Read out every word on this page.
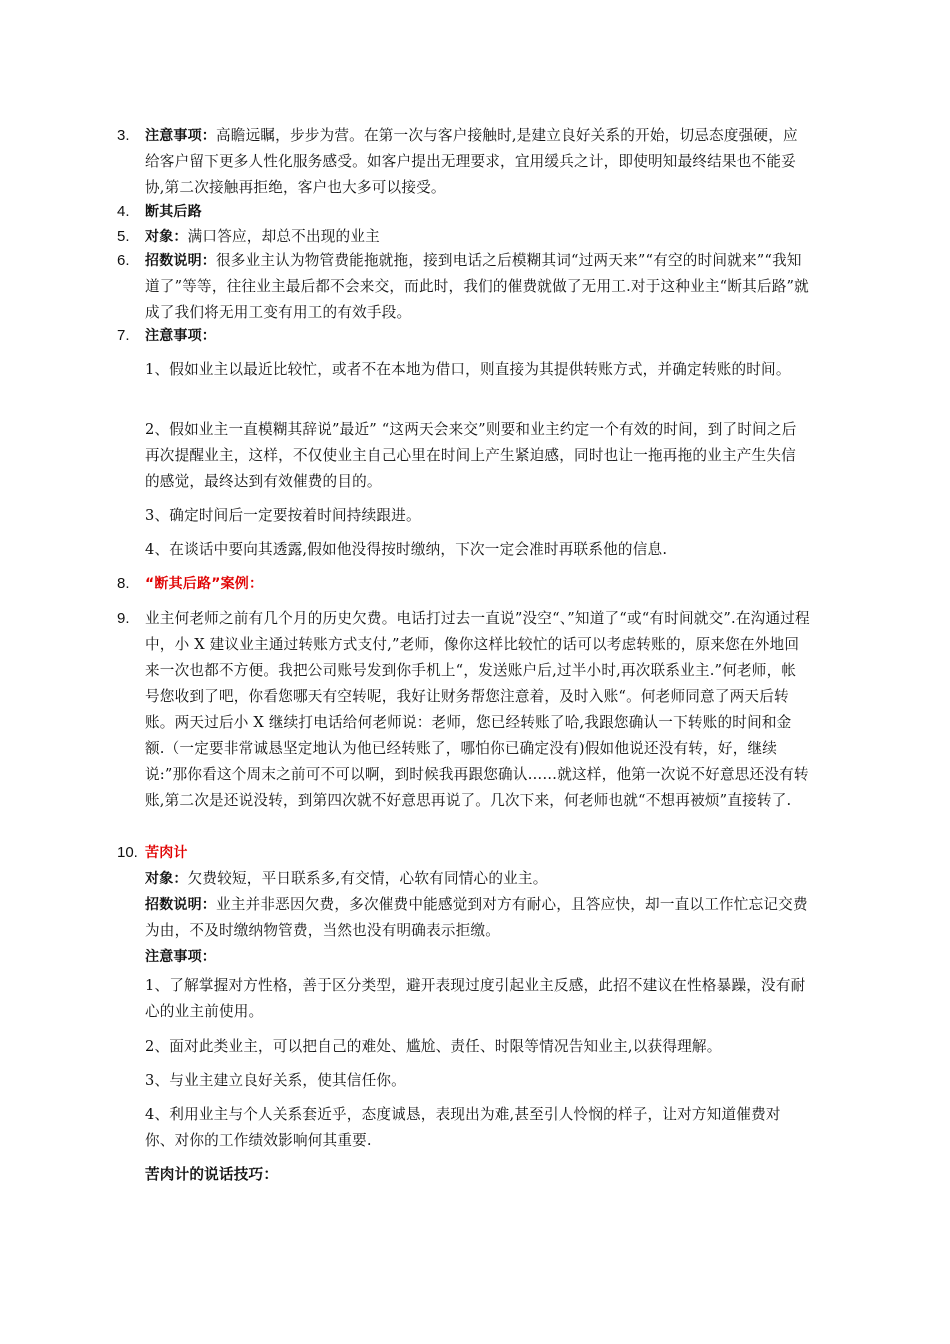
3. 注意事项：高瞻远瞩，步步为营。在第一次与客户接触时,是建立良好关系的开始，切忌态度强硬，应给客户留下更多人性化服务感受。如客户提出无理要求，宜用缓兵之计，即使明知最终结果也不能妥协,第二次接触再拒绝，客户也大多可以接受。
4. 断其后路
5. 对象：满口答应，却总不出现的业主
6. 招数说明：很多业主认为物管费能拖就拖，接到电话之后模糊其词“过两天来”“有空的时间就来”“我知道了”等等，往往业主最后都不会来交，而此时，我们的催费就做了无用工.对于这种业主“断其后路”就成了我们将无用工变有用工的有效手段。
7. 注意事项：
1、假如业主以最近比较忙，或者不在本地为借口，则直接为其提供转账方式，并确定转账的时间。
2、假如业主一直模糊其辞说”最近” “这两天会来交”则要和业主约定一个有效的时间，到了时间之后再次提醒业主，这样，不仅使业主自己心里在时间上产生紧迫感，同时也让一拖再拖的业主产生失信的感觉，最终达到有效催费的目的。
3、确定时间后一定要按着时间持续跟进。
4、在谈话中要向其透露,假如他没得按时缴纳，下次一定会准时再联系他的信息.
8. “断其后路”案例：
9. 业主何老师之前有几个月的历史欠费。电话打过去一直说”没空“、”知道了“或“有时间就交”.在沟通过程中，小 X 建议业主通过转账方式支付,”老师，像你这样比较忙的话可以考虑转账的，原来您在外地回来一次也都不方便。我把公司账号发到你手机上“，发送账户后,过半小时,再次联系业主.”何老师，帐号您收到了吧，你看您哪天有空转呢，我好让财务帮您注意着，及时入账“。何老师同意了两天后转账。两天过后小 X 继续打电话给何老师说：老师，您已经转账了哈,我跟您确认一下转账的时间和金额.（一定要非常诚恳坚定地认为他已经转账了，哪怕你已确定没有)假如他说还没有转，好，继续说:”那你看这个周末之前可不可以啊，到时候我再跟您确认……就这样，他第一次说不好意思还没有转账,第二次是还说没转，到第四次就不好意思再说了。几次下来，何老师也就“不想再被烦”直接转了.
10. 苦肉计
对象：欠费较短，平日联系多,有交情，心软有同情心的业主。
招数说明：业主并非恶因欠费，多次催费中能感觉到对方有耐心，且答应快，却一直以工作忙忘记交费为由，不及时缴纳物管费，当然也没有明确表示拒缴。
注意事项：
1、了解掌握对方性格，善于区分类型，避开表现过度引起业主反感，此招不建议在性格暴躁，没有耐心的业主前使用。
2、面对此类业主，可以把自己的难处、尴尬、责任、时限等情况告知业主,以获得理解。
3、与业主建立良好关系，使其信任你。
4、利用业主与个人关系套近乎，态度诚恳，表现出为难,甚至引人怜悯的样子，让对方知道催费对你、对你的工作绩效影响何其重要.
苦肉计的说话技巧：
